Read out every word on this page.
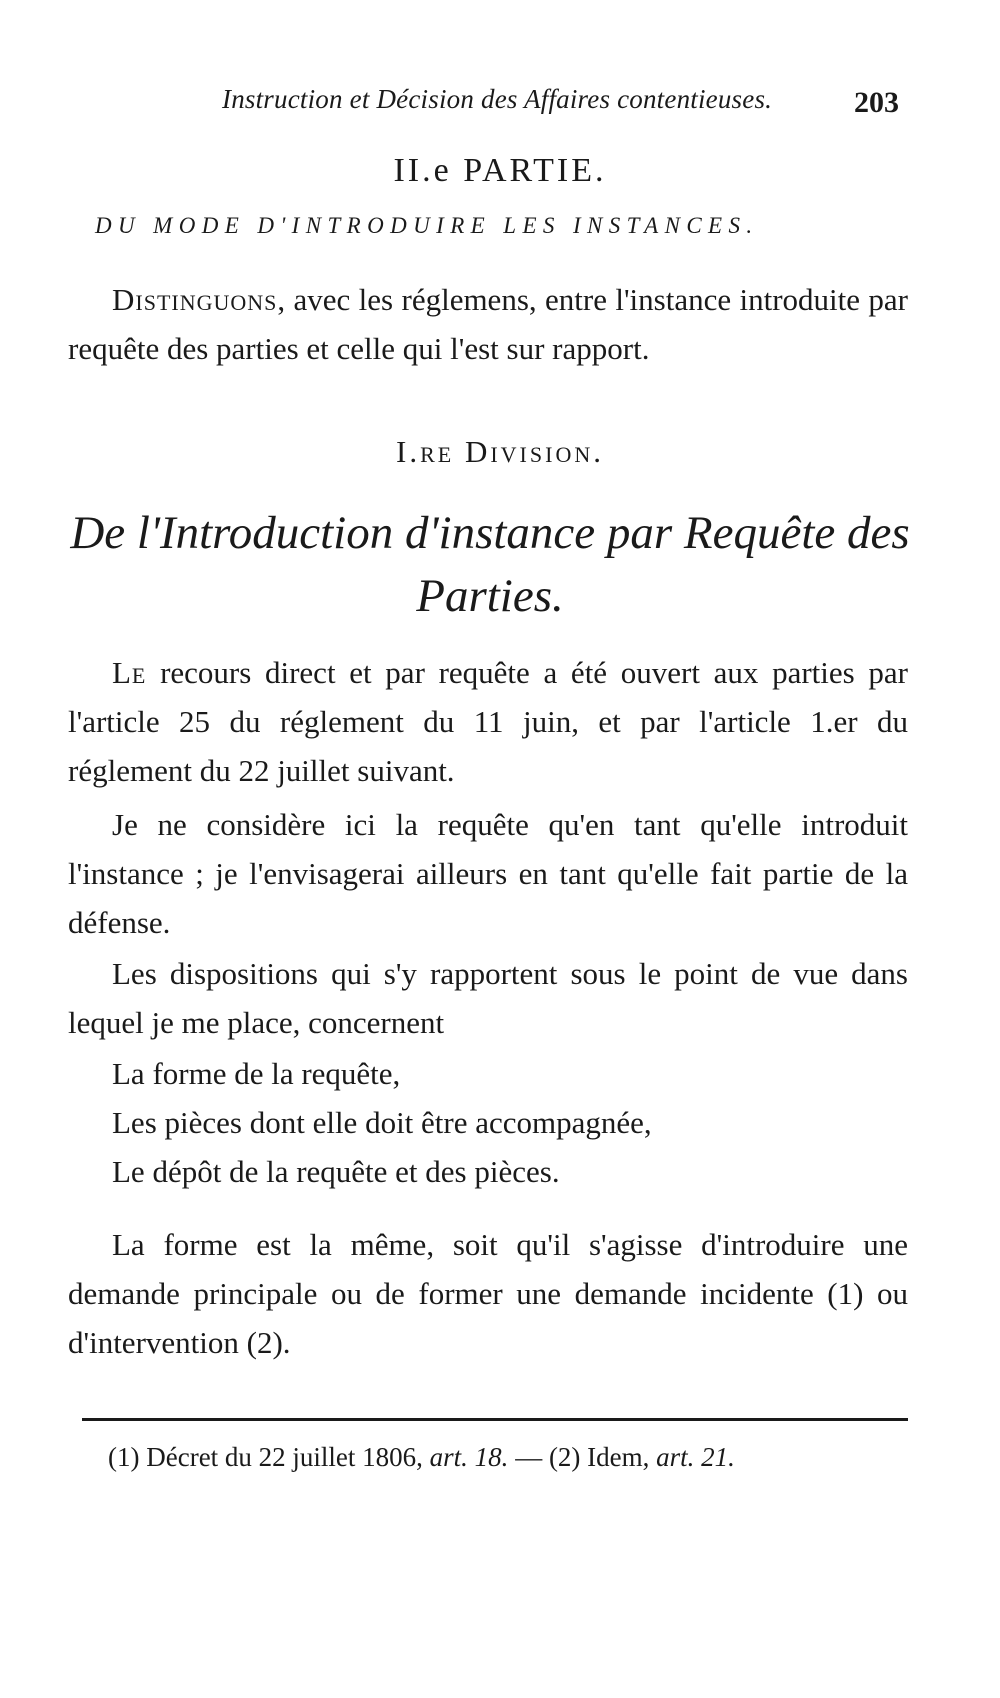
Instruction et Décision des Affaires contentieuses.	203
II.e PARTIE.
DU MODE D'INTRODUIRE LES INSTANCES.

Distinguons, avec les réglemens, entre l'instance introduite par requête des parties et celle qui l'est sur rapport.

I.re Division.
De l'Introduction d'instance par Requête des Parties.

Le recours direct et par requête a été ouvert aux parties par l'article 25 du réglement du 11 juin, et par l'article 1.er du réglement du 22 juillet suivant.

Je ne considère ici la requête qu'en tant qu'elle introduit l'instance ; je l'envisagerai ailleurs en tant qu'elle fait partie de la défense.

Les dispositions qui s'y rapportent sous le point de vue dans lequel je me place, concernent

La forme de la requête,
Les pièces dont elle doit être accompagnée,
Le dépôt de la requête et des pièces.

La forme est la même, soit qu'il s'agisse d'introduire une demande principale ou de former une demande incidente (1) ou d'intervention (2).

(1) Décret du 22 juillet 1806, art. 18. — (2) Idem, art. 21.
